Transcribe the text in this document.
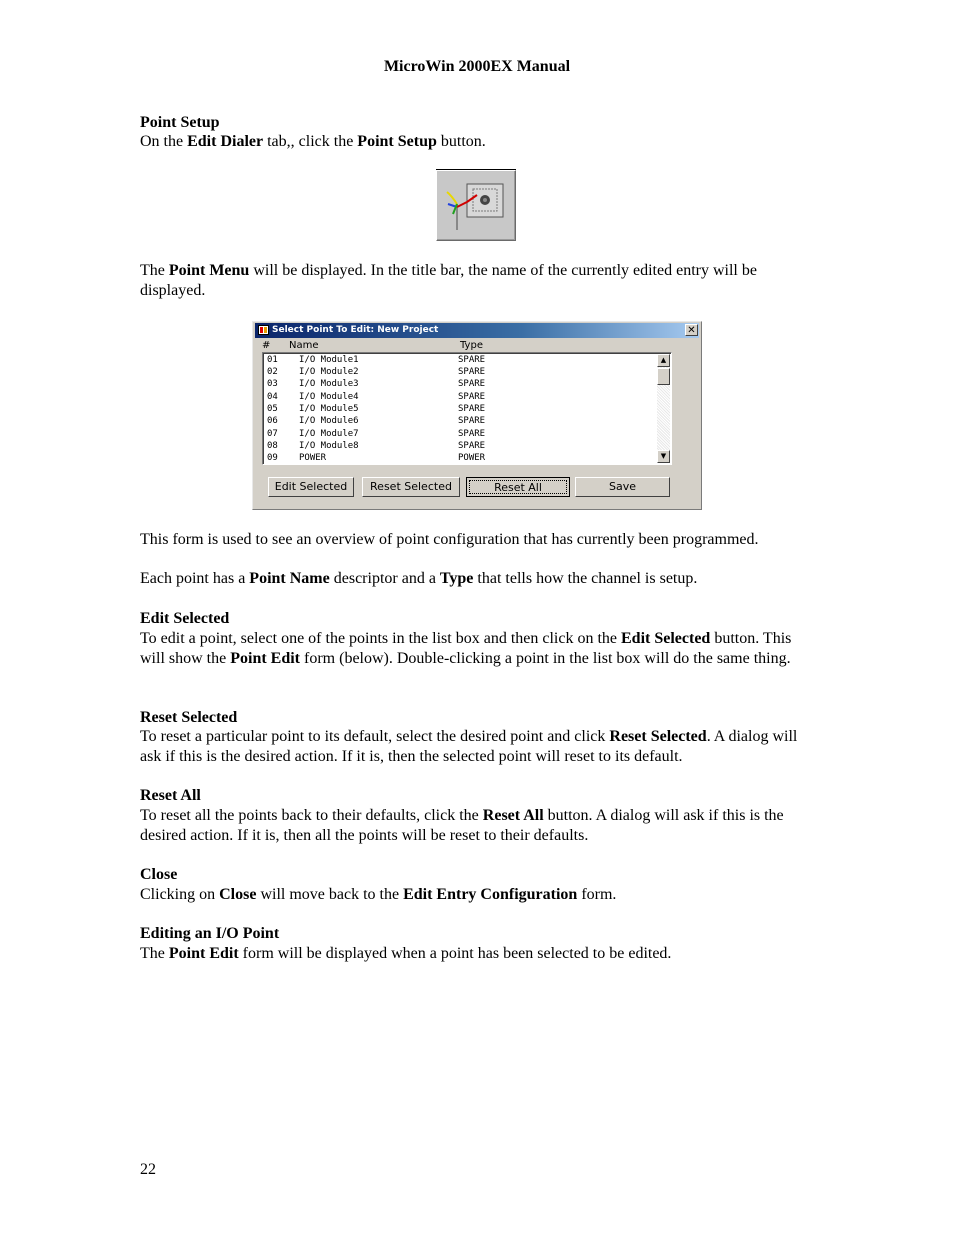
MicroWin 2000EX Manual
Point Setup

On the Edit Dialer tab,, click the Point Setup button.

The Point Menu will be displayed. In the title bar, the name of the currently edited entry will be displayed.

Select Point To Edit: New Project	✕
# Name	Type
01 I/O Module1	SPARE
02 I/O Module2	SPARE
03 I/O Module3	SPARE
04 I/O Module4	SPARE
05 I/O Module5	SPARE
06 I/O Module6	SPARE
07 I/O Module7	SPARE
08 I/O Module8	SPARE
09 POWER	POWER
▲
▼
Edit Selected	Reset Selected	Reset All	Save

This form is used to see an overview of point configuration that has currently been programmed.

Each point has a Point Name descriptor and a Type that tells how the channel is setup.

Edit Selected

To edit a point, select one of the points in the list box and then click on the Edit Selected button. This will show the Point Edit form (below). Double-clicking a point in the list box will do the same thing.

Reset Selected

To reset a particular point to its default, select the desired point and click Reset Selected. A dialog will ask if this is the desired action. If it is, then the selected point will reset to its default.

Reset All

To reset all the points back to their defaults, click the Reset All button. A dialog will ask if this is the desired action. If it is, then all the points will be reset to their defaults.

Close

Clicking on Close will move back to the Edit Entry Configuration form.

Editing an I/O Point

The Point Edit form will be displayed when a point has been selected to be edited.

22
